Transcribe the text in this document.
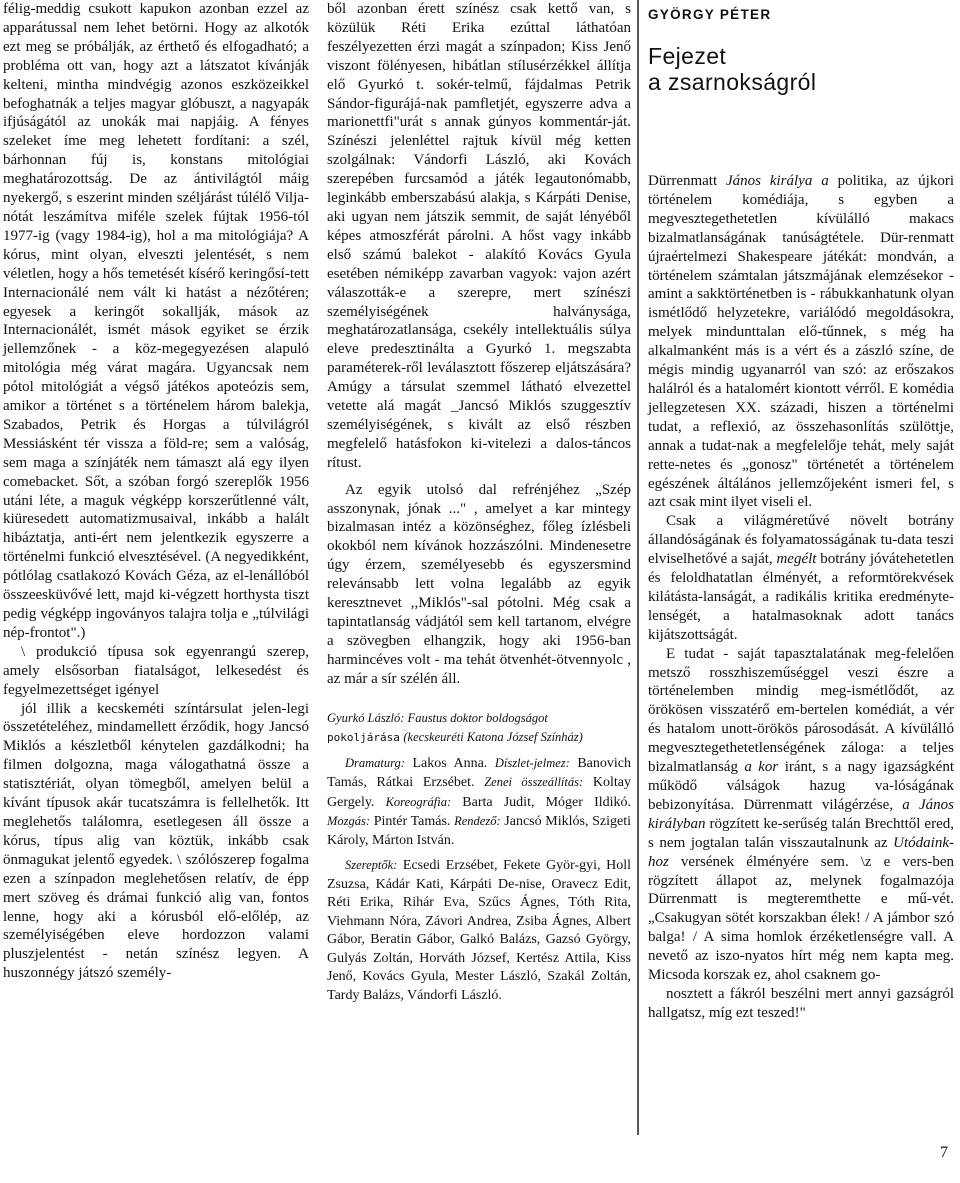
GYÖRGY PÉTER
Fejezet
a zsarnokságról

félig-meddig csukott kapukon azonban ezzel az apparátussal nem lehet betörni. Hogy az alkotók ezt meg se próbálják, az érthető és elfogadható; a probléma ott van, hogy azt a látszatot kívánják kelteni, mintha mindvégig azonos eszközeikkel befoghatnák a teljes magyar glóbuszt, a nagyapák ifjúságától az unokák mai napjáig. A fényes szeleket íme meg lehetett fordítani: a szél, bárhonnan fúj is, konstans mitológiai meghatározottság. De az ántivilágtól máig nyekergő, s eszerint minden széljárást túlélő Vilja-nótát leszámítva miféle szelek fújtak 1956-tól 1977-ig (vagy 1984-ig), hol a ma mitológiája? A kórus, mint olyan, elveszti jelentését, s nem véletlen, hogy a hős temetését kísérő keringősí-tett Internacionálé nem vált ki hatást a nézőtéren; egyesek a keringőt sokallják, mások az Internacionálét, ismét mások egyiket se érzik jellemzőnek - a köz-megegyezésen alapuló mitológia még várat magára. Ugyancsak nem pótol mitológiát a végső játékos apoteózis sem, amikor a történet s a történelem három balekja, Szabados, Petrik és Horgas a túlvilágról Messiásként tér vissza a föld-re; sem a valóság, sem maga a színjáték nem támaszt alá egy ilyen comebacket. Sőt, a szóban forgó szereplők 1956 utáni léte, a maguk végképp korszerűtlenné vált, kiüresedett automatizmusaival, inkább a halált hibáztatja, anti-ért nem jelentkezik egyszerre a történelmi funkció elvesztésével. (A negyedikként, pótlólag csatlakozó Kovách Géza, az el-lenállóból összeesküvővé lett, majd ki-végzett horthysta tiszt pedig végképp ingoványos talajra tolja e „túlvilági nép-frontot".)

\ produkció típusa sok egyenrangú szerep, amely elsősorban fiatalságot, lelkesedést és fegyelmezettséget igényel

jól illik a kecskeméti színtársulat jelen-legi összetételéhez, mindamellett érződik, hogy Jancsó Miklós a készletből kénytelen gazdálkodni; ha filmen dolgozna, maga válogathatná össze a statisztériát, olyan tömegből, amelyen belül a kívánt típusok akár tucatszámra is fellelhetők. Itt meglehetős találomra, esetlegesen áll össze a kórus, típus alig van köztük, inkább csak önmagukat jelentő egyedek. \ szólószerep fogalma ezen a színpadon meglehetősen relatív, de épp mert szöveg és drámai funkció alig van, fontos lenne, hogy aki a kórusból elő-előlép, az személyiségében eleve hordozzon valami pluszjelentést - netán színész legyen. A huszonnégy játszó személy-

ből azonban érett színész csak kettő van, s közülük Réti Erika ezúttal láthatóan feszélyezetten érzi magát a színpadon; Kiss Jenő viszont fölényesen, hibátlan stílusérzékkel állítja elő Gyurkó t. sokér-telmű, fájdalmas Petrik Sándor-figurájá-nak pamfletjét, egyszerre adva a marionettfi"urát s annak gúnyos kommentár-ját. Színészi jelenléttel rajtuk kívül még ketten szolgálnak: Vándorfi László, aki Kovách szerepében furcsamód a játék legautonómabb, leginkább emberszabású alakja, s Kárpáti Denise, aki ugyan nem játszik semmit, de saját lényéből képes atmoszférát párolni. A hőst vagy inkább első számú balekot - alakító Kovács Gyula esetében némiképp zavarban vagyok: vajon azért válaszották-e a szerepre, mert színészi személyiségének halványsága, meghatározatlansága, csekély intellektuális súlya eleve predesztinálta a Gyurkó 1. megszabta paraméterek-ről leválasztott főszerep eljátszására? Amúgy a társulat szemmel látható elvezettel vetette alá magát _Jancsó Miklós szuggesztív személyiségének, s kivált az első részben megfelelő hatásfokon ki-vitelezi a dalos-táncos rítust.

Az egyik utolsó dal refrénjéhez „Szép asszonynak, jónak ..." , amelyet a kar mintegy bizalmasan intéz a közönséghez, főleg ízlésbeli okokból nem kívánok hozzászólni. Mindenesetre úgy érzem, személyesebb és egyszersmind relevánsabb lett volna legalább az egyik keresztnevet ,,Miklós"-sal pótolni. Még csak a tapintatlanság vádjától sem kell tartanom, elvégre a szövegben elhangzik, hogy aki 1956-ban harmincéves volt - ma tehát ötvenhét-ötvennyolc , az már a sír szélén áll.

Gyurkó László: Faustus doktor boldogságot
pokoljárása (kecskeuréti Katona József Színház)

Dramaturg: Lakos Anna. Díszlet-jelmez: Banovich Tamás, Rátkai Erzsébet. Zenei összeállítás: Koltay Gergely. Koreográfia: Barta Judit, Móger Ildikó. Mozgás: Pintér Tamás. Rendező: Jancsó Miklós, Szigeti Károly, Márton István.

Szereptők: Ecsedi Erzsébet, Fekete Györ-gyi, Holl Zsuzsa, Kádár Kati, Kárpáti De-nise, Oravecz Edit, Réti Erika, Rihár Eva, Szűcs Ágnes, Tóth Rita, Viehmann Nóra, Závori Andrea, Zsiba Ágnes, Albert Gábor, Beratin Gábor, Galkó Balázs, Gazsó György, Gulyás Zoltán, Horváth József, Kertész Attila, Kiss Jenő, Kovács Gyula, Mester László, Szakál Zoltán, Tardy Balázs, Vándorfi László.

Dürrenmatt János királya a politika, az újkori történelem komédiája, s egyben a megvesztegethetetlen kívülálló makacs bizalmatlanságának tanúságtétele. Dür-renmatt újraértelmezi Shakespeare játékát: mondván, a történelem számtalan játszmájának elemzésekor - amint a sakktörténetben is - rábukkanhatunk olyan ismétlődő helyzetekre, variálódó megoldásokra, melyek mindunttalan elő-tűnnek, s még ha alkalmanként más is a vért és a zászló színe, de mégis mindig ugyanarról van szó: az erőszakos halálról és a hatalomért kiontott vérről. E komédia jellegzetesen XX. századi, hiszen a történelmi tudat, a reflexió, az összehasonlítás szülöttje, annak a tudat-nak a megfelelője tehát, mely saját rette-netes és „gonosz" történetét a történelem egészének áltálános jellemzőjeként ismeri fel, s azt csak mint ilyet viseli el.

Csak a világméretűvé növelt botrány állandóságának és folyamatosságának tu-data teszi elviselhetővé a saját, megélt botrány jóvátehetetlen és feloldhatatlan élményét, a reformtörekvések kilátásta-lanságát, a radikális kritika eredménytе-lenségét, a hatalmasoknak adott tanács kijátszottságát.

E tudat - saját tapasztalatának meg-felelően metsző rosszhiszeműséggel veszi észre a történelemben mindig meg-ismétlődőt, az örökösen visszatérő em-bertelen komédiát, a vér és hatalom unott-örökös párosodását. A kívülálló megvesztegethetetlenségének záloga: a teljes bizalmatlanság a kor iránt, s a nagy igazságként működő válságok hazug va-lóságának bebizonyítása. Dürrenmatt világérzése, a János királyban rögzített ke-serűség talán Brechttől ered, s nem jogtalan talán visszautalnunk az Utódaink-hoz versének élményére sem. \z e vers-ben rögzített állapot az, melynek fogalmazója Dürrenmatt is megteremthette e mű-vét. „Csakugyan sötét korszakban élek! / A jámbor szó balga! / A sima homlok érzéketlenségre vall. A nevető az iszo-nyatos hírt még nem kapta meg. Micsoda korszak ez, ahol csaknem go-

nosztett a fákról beszélni mert annyi gazságról hallgatsz, míg ezt teszed!"

7
